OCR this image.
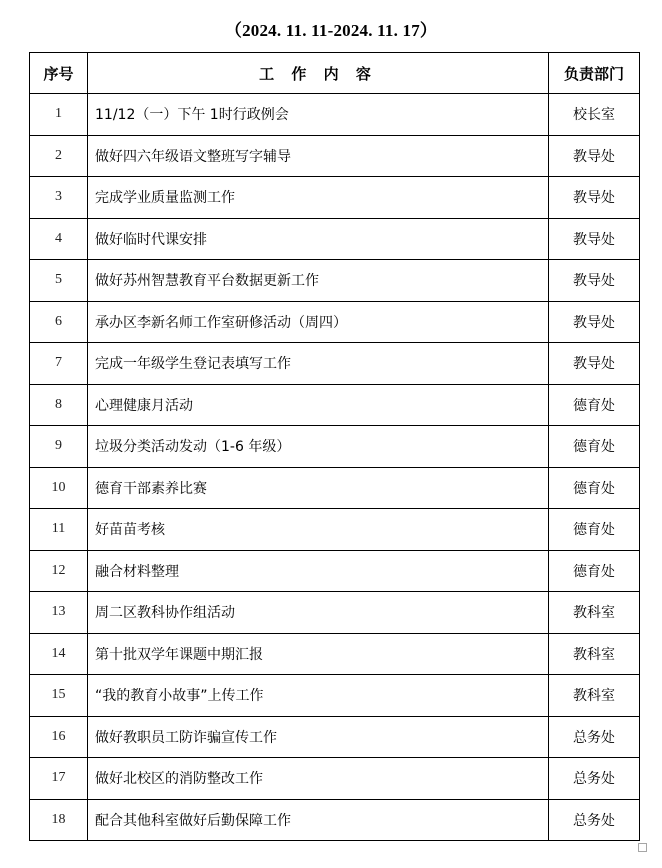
（2024. 11. 11-2024. 11. 17）
序号	工 作 内 容	负责部门
1	11/12（一）下午 1时行政例会	校长室
2	做好四六年级语文整班写字辅导	教导处
3	完成学业质量监测工作	教导处
4	做好临时代课安排	教导处
5	做好苏州智慧教育平台数据更新工作	教导处
6	承办区李新名师工作室研修活动（周四）	教导处
7	完成一年级学生登记表填写工作	教导处
8	心理健康月活动	德育处
9	垃圾分类活动发动（1-6 年级）	德育处
10	德育干部素养比赛	德育处
11	好苗苗考核	德育处
12	融合材料整理	德育处
13	周二区教科协作组活动	教科室
14	第十批双学年课题中期汇报	教科室
15	“我的教育小故事”上传工作	教科室
16	做好教职员工防诈骗宣传工作	总务处
17	做好北校区的消防整改工作	总务处
18	配合其他科室做好后勤保障工作	总务处
